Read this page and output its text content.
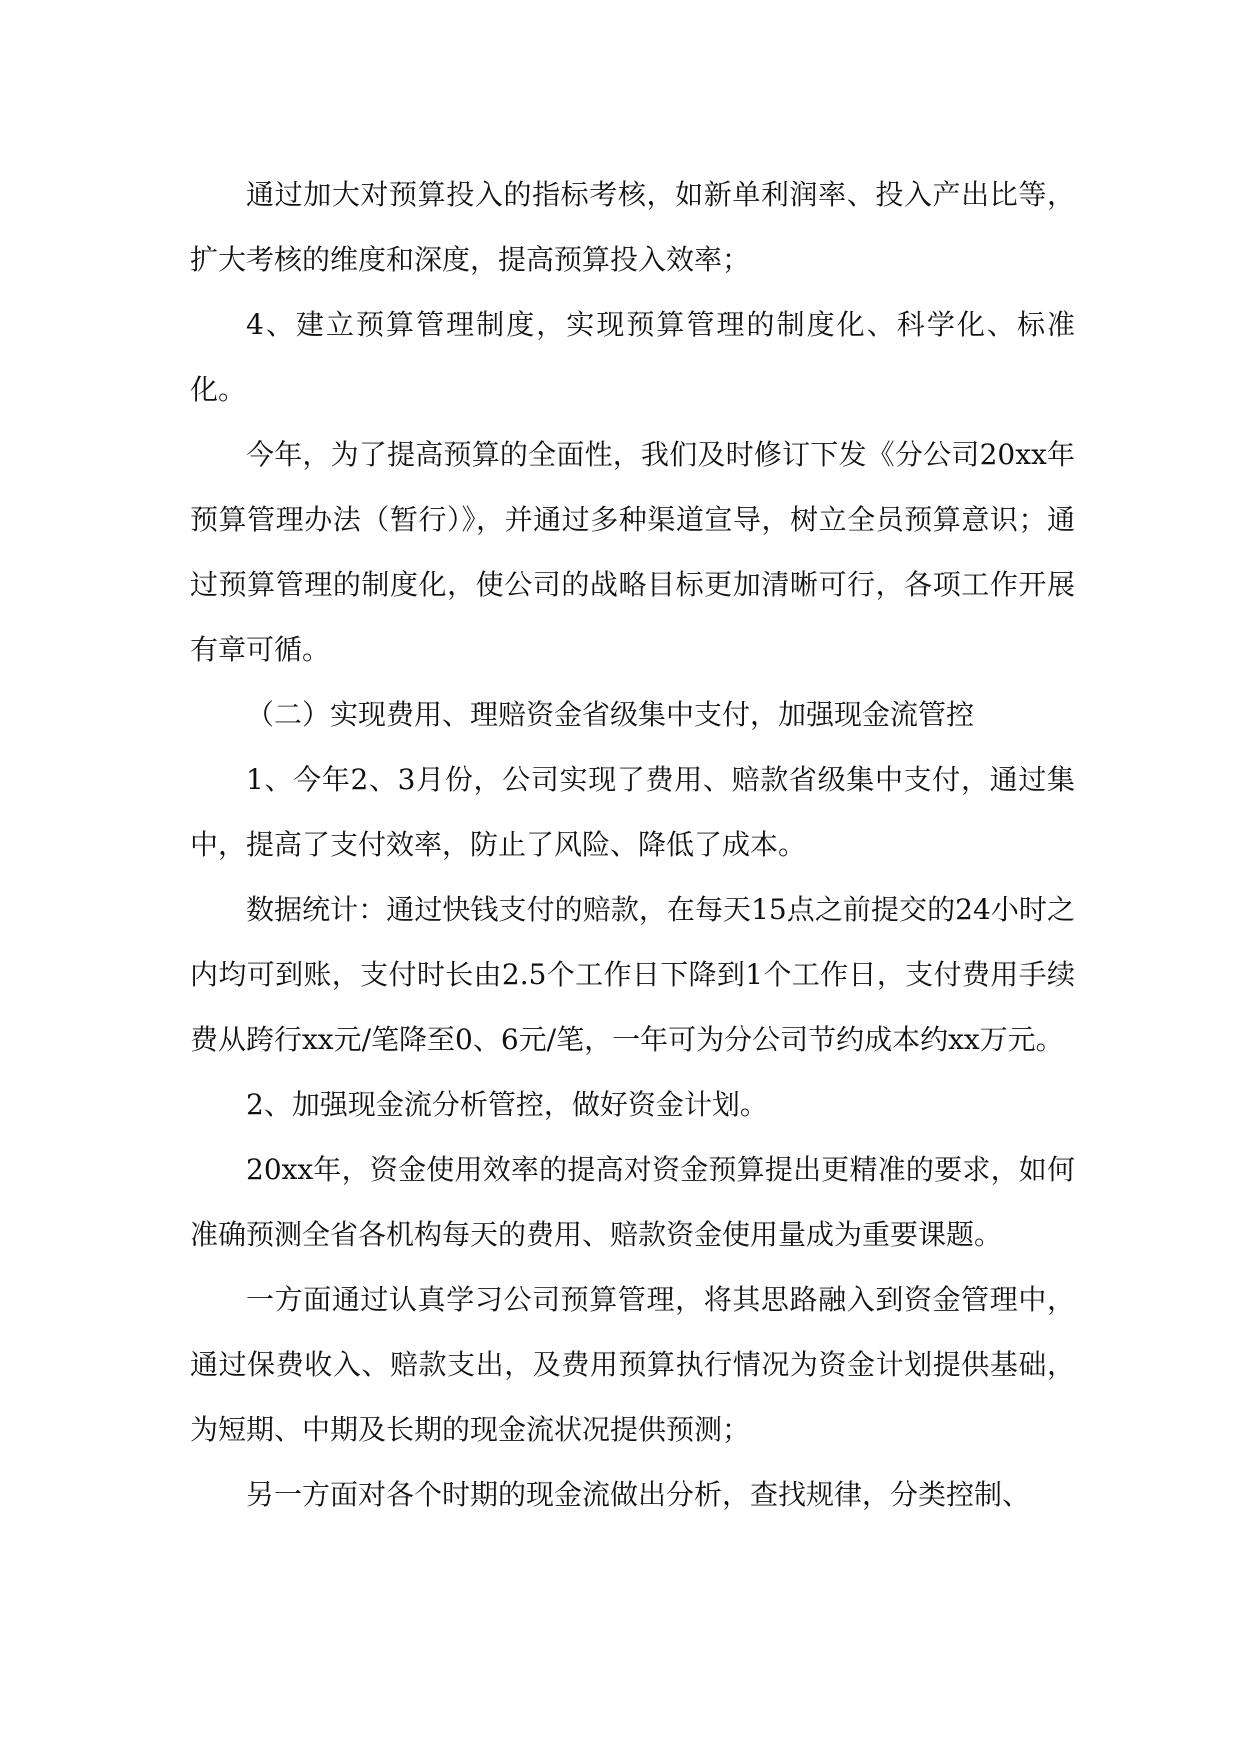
通过加大对预算投入的指标考核，如新单利润率、投入产出比等，扩大考核的维度和深度，提高预算投入效率；

4、建立预算管理制度，实现预算管理的制度化、科学化、标准化。

今年，为了提高预算的全面性，我们及时修订下发《分公司20xx年预算管理办法（暂行）》，并通过多种渠道宣导，树立全员预算意识；通过预算管理的制度化，使公司的战略目标更加清晰可行，各项工作开展有章可循。

（二）实现费用、理赔资金省级集中支付，加强现金流管控

1、今年2、3月份，公司实现了费用、赔款省级集中支付，通过集中，提高了支付效率，防止了风险、降低了成本。

数据统计：通过快钱支付的赔款，在每天15点之前提交的24小时之内均可到账，支付时长由2.5个工作日下降到1个工作日，支付费用手续费从跨行xx元/笔降至0、6元/笔，一年可为分公司节约成本约xx万元。

2、加强现金流分析管控，做好资金计划。

20xx年，资金使用效率的提高对资金预算提出更精准的要求，如何准确预测全省各机构每天的费用、赔款资金使用量成为重要课题。

一方面通过认真学习公司预算管理，将其思路融入到资金管理中，通过保费收入、赔款支出，及费用预算执行情况为资金计划提供基础，为短期、中期及长期的现金流状况提供预测；

另一方面对各个时期的现金流做出分析，查找规律，分类控制、
